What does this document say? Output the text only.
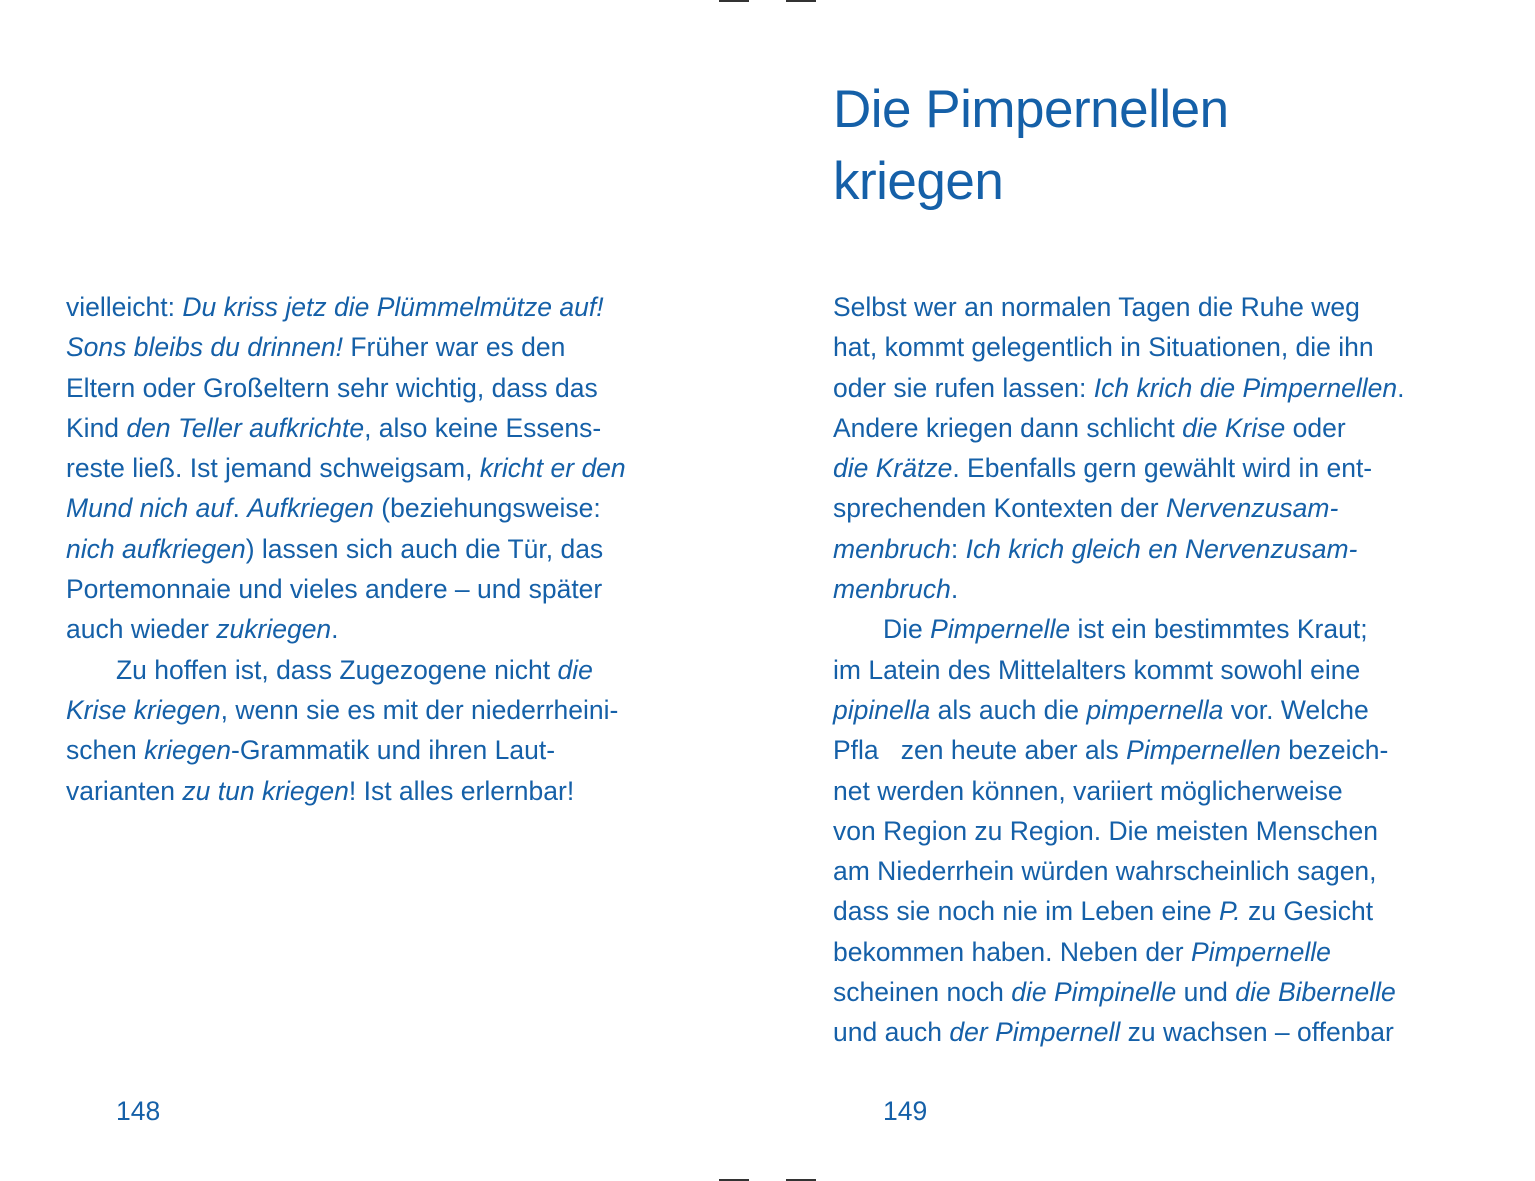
vielleicht: Du kriss jetz die Plümmelmütze auf!
Sons bleibs du drinnen! Früher war es den
Eltern oder Großeltern sehr wichtig, dass das
Kind den Teller aufkrichte, also keine Essens-
reste ließ. Ist jemand schweigsam, kricht er den
Mund nich auf. Aufkriegen (beziehungsweise:
nich aufkriegen) lassen sich auch die Tür, das
Portemonnaie und vieles andere – und später
auch wieder zukriegen.
Zu hoffen ist, dass Zugezogene nicht die
Krise kriegen, wenn sie es mit der niederrheini-
schen kriegen-Grammatik und ihren Laut-
varianten zu tun kriegen! Ist alles erlernbar!
148
Die Pimpernellen
kriegen
Selbst wer an normalen Tagen die Ruhe weg
hat, kommt gelegentlich in Situationen, die ihn
oder sie rufen lassen: Ich krich die Pimpernellen.
Andere kriegen dann schlicht die Krise oder
die Krätze. Ebenfalls gern gewählt wird in ent-
sprechenden Kontexten der Nervenzusam-
menbruch: Ich krich gleich en Nervenzusam-
menbruch.
Die Pimpernelle ist ein bestimmtes Kraut;
im Latein des Mittelalters kommt sowohl eine
pipinella als auch die pimpernella vor. Welche
Pfla   zen heute aber als Pimpernellen bezeich-
net werden können, variiert möglicherweise
von Region zu Region. Die meisten Menschen
am Niederrhein würden wahrscheinlich sagen,
dass sie noch nie im Leben eine P. zu Gesicht
bekommen haben. Neben der Pimpernelle
scheinen noch die Pimpinelle und die Bibernelle
und auch der Pimpernell zu wachsen – offenbar
149
